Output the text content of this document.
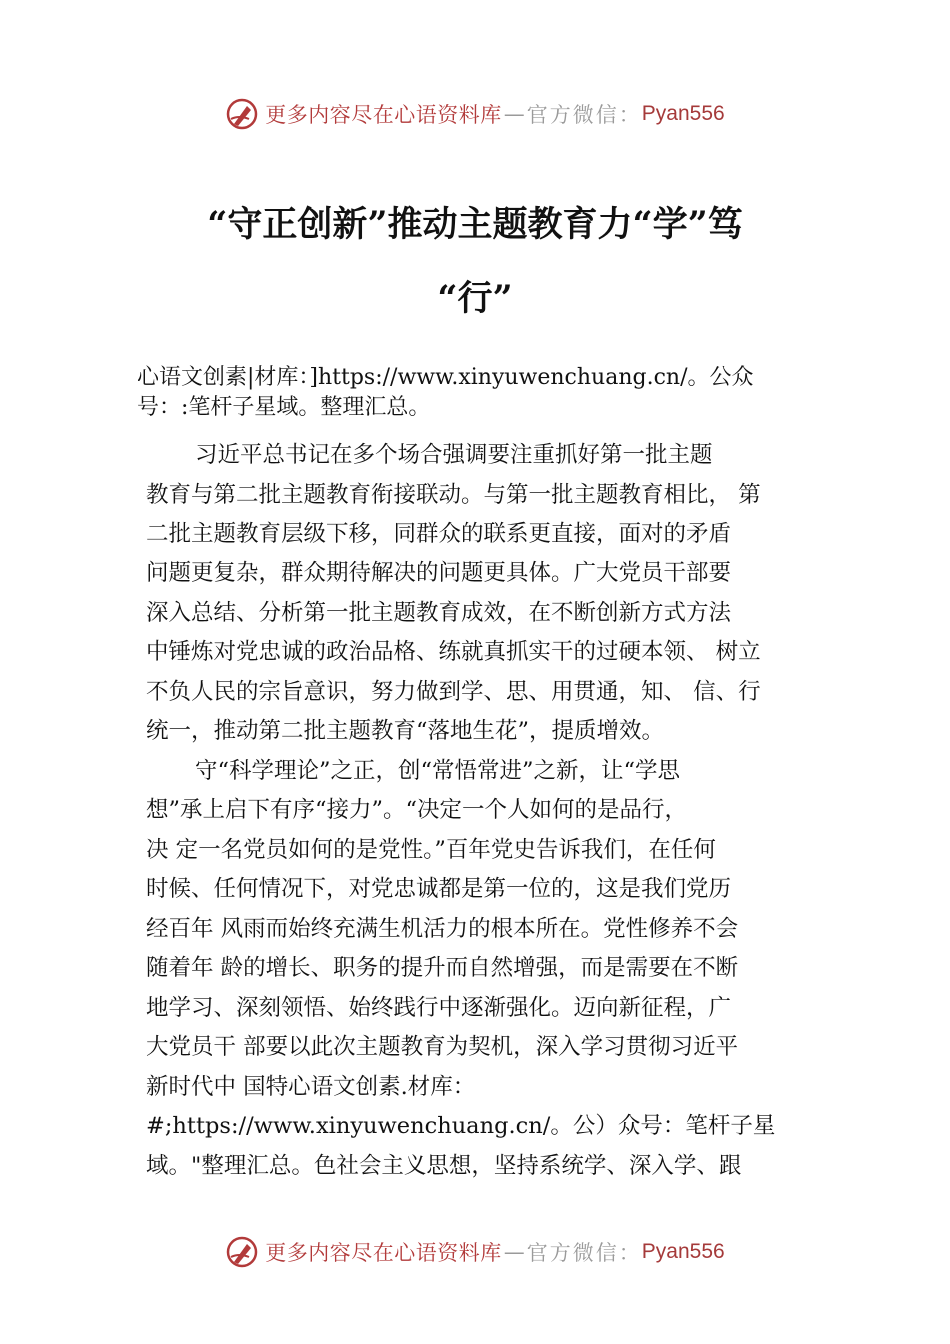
更多内容尽在心语资料库 — 官方微信： Pyan556
“守正创新”推动主题教育力“学”笃
“行”
心语文创素|材库：]https://www.xinyuwenchuang.cn/。公众
号：:笔杆子星域。整理汇总。
习近平总书记在多个场合强调要注重抓好第一批主题
教育与第二批主题教育衔接联动。与第一批主题教育相比， 第
二批主题教育层级下移，同群众的联系更直接，面对的矛盾
问题更复杂，群众期待解决的问题更具体。广大党员干部要
深入总结、分析第一批主题教育成效，在不断创新方式方法
中锤炼对党忠诚的政治品格、练就真抓实干的过硬本领、 树立
不负人民的宗旨意识，努力做到学、思、用贯通，知、 信、行
统一，推动第二批主题教育“落地生花”，提质增效。
守“科学理论”之正，创“常悟常进”之新，让“学思
想”承上启下有序“接力”。“决定一个人如何的是品行，
决 定一名党员如何的是党性。”百年党史告诉我们，在任何
时候、任何情况下，对党忠诚都是第一位的，这是我们党历
经百年 风雨而始终充满生机活力的根本所在。党性修养不会
随着年 龄的增长、职务的提升而自然增强，而是需要在不断
地学习、深刻领悟、始终践行中逐渐强化。迈向新征程，广
大党员干 部要以此次主题教育为契机，深入学习贯彻习近平
新时代中 国特心语文创素.材库：
#;https://www.xinyuwenchuang.cn/。公）众号：笔杆子星
域。"整理汇总。色社会主义思想，坚持系统学、深入学、跟
更多内容尽在心语资料库 — 官方微信： Pyan556
